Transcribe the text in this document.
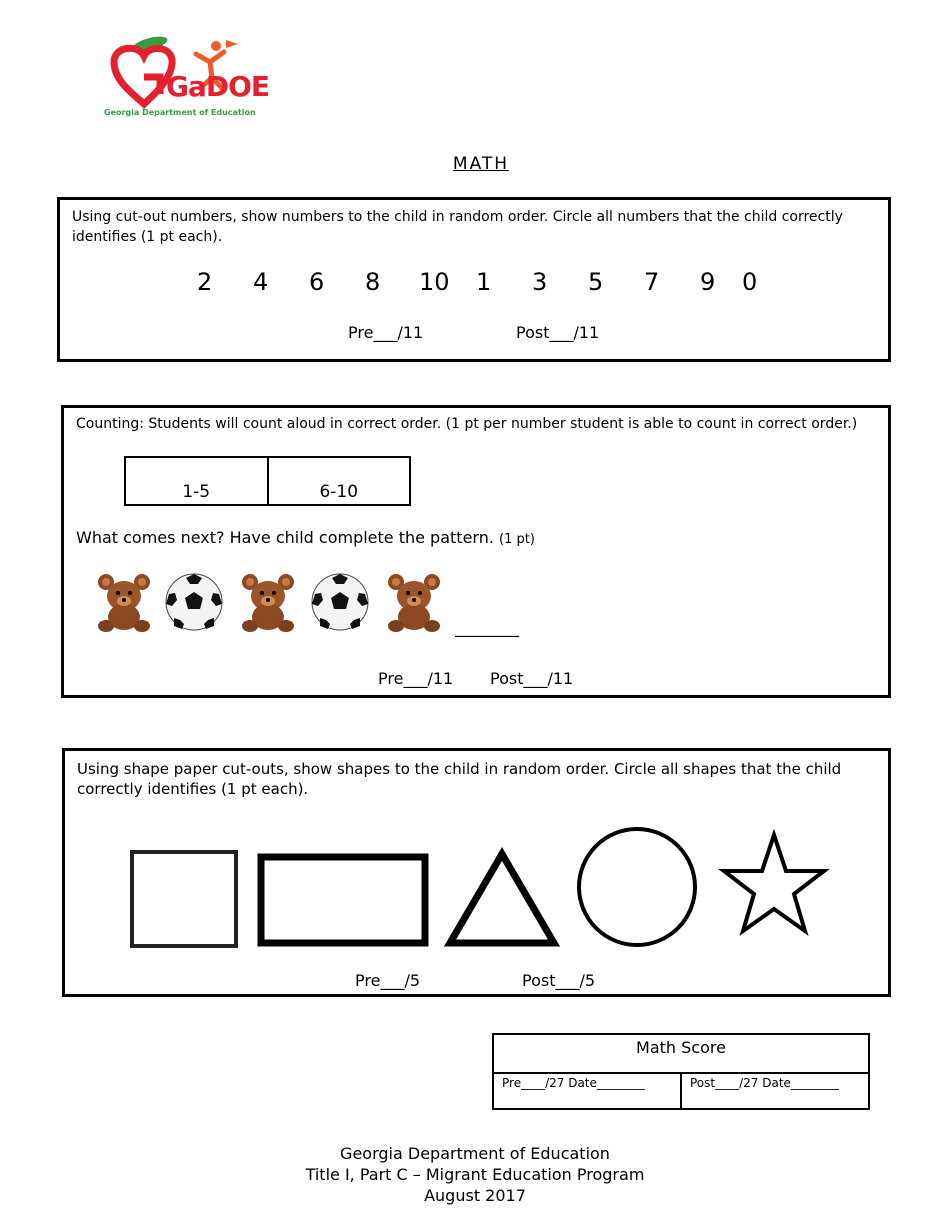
GaDOE
Georgia Department of Education
MATH
Using cut-out numbers, show numbers to the child in random order. Circle all numbers that the child correctly identifies (1 pt each).
2 4 6 8 10 1 3 5 7 9 0
Pre___/11	Post___/11
Counting: Students will count aloud in correct order. (1 pt per number student is able to count in correct order.)
1-5	6-10
What comes next? Have child complete the pattern. (1 pt)
________
Pre___/11 Post___/11
Using shape paper cut-outs, show shapes to the child in random order. Circle all shapes that the child correctly identifies (1 pt each).
Pre___/5	Post___/5
Math Score
Pre____/27 Date________	Post____/27 Date________
Georgia Department of Education
Title I, Part C – Migrant Education Program
August 2017
